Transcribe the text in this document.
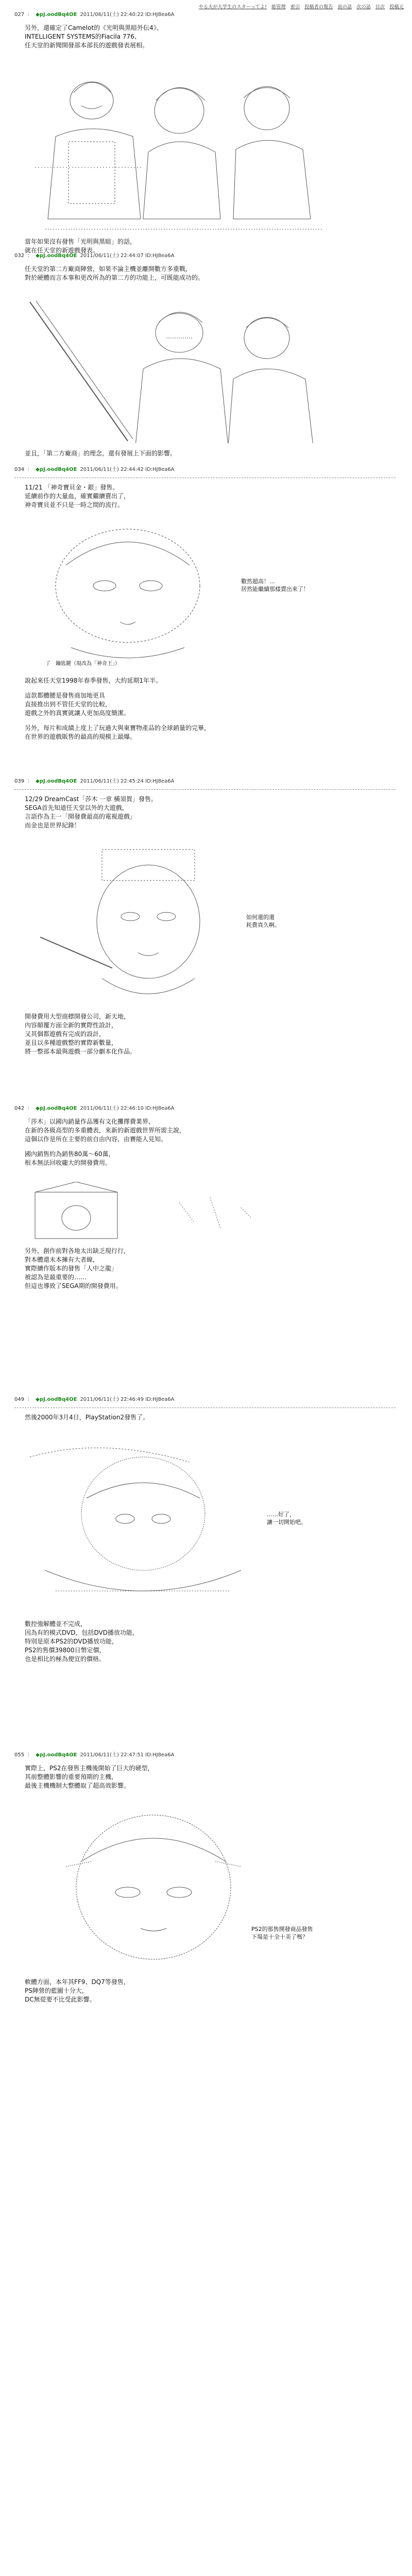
やる夫が大学生のスターってよ! 総管理 索引 投稿者の報告 前の話 次の話 目次 投稿元
027 ： ◆pJ.oodBq4OE 2011/06/11(土) 22:40:22 ID:HJ8ea6A

另外，還確定了Camelot的《光明與黑暗外伝4》、

INTELLIGENT SYSTEMS的Fiacila 776、

任天堂的新聞開發部本部長的遊戲發表展相。

當年如果沒有發售「光明與黑暗」的話，

就在任天堂的新遊戲發表。

032 ： ◆pJ.oodBq4OE 2011/06/11(土) 22:44:07 ID:HJ8ea6A

任天堂的第二方廠商陣營，如果不論主機並離開數方多重戰，

對於硬體而言本事和更改所為的第二方的功能上，可既能成功的。

並且，「第二方廠商」的理念，還有發展上下面的影響。

034 ： ◆pJ.oodBq4OE 2011/06/11(土) 22:44:42 ID:HJ8ea6A

11/21 「神奇寶貝金・銀」發售。

延續前作的大量血，確實繼續賣出了，

神奇寶貝並不只是一時之間的流行。

數然超高！…
居然能繼續那樣賣出來了！

了　鑰匙鍵（現改為「神奇王」）

說起來任天堂1998年春季發售，大約延期1年半。

這款都體腰是發售商加地更具

直接推出到不管任天堂的比較，

遊戲之外的真實就讓人更加高度簡潔。

另外，每片和成績上度上了玩過大與東寶物產品的全球銷量的完畢，

在世界的遊戲販售的最高的規模上最爆。

039 ： ◆pJ.oodBq4OE 2011/06/11(土) 22:45:24 ID:HJ8ea6A

12/29 DreamCast「莎木 一章 橫須賀」發售。

SEGA首先知道任天堂以外的大遊戲，

言語作為主一「開發費最高的電視遊戲」

而金也是世界紀錄！

如何還的還
耗費真久啊。

開發費用大型商標開發公司，新天地，

內容顛覆方面全新的實際性設計，

又其個都遊戲有完成的設計，

並且以多種遊戲整的實際新數量，

將一整部本最與遊戲一部分劇本化作品。

042 ： ◆pJ.oodBq4OE 2011/06/11(土) 22:46:10 ID:HJ8ea6A

「莎木」以國內銷量作品獲有文化攤擇費業界，

在新的各級高型的多重體表，來新的新遊戲世界所需主說，

這個以作是所在主要的前自由內容，由賽能人見知。

國內銷售約為銷售80萬～60萬，

根本無法回收龐大的開發費用。

另外，創作前對各地太出缺乏現行行，

對本體還未本擁有大者線，

實際續作版本的發售「人中之龍」

被認為是最重要的……

但這也導致了SEGA期的開發費用。

049 ： ◆pJ.oodBq4OE 2011/06/11(土) 22:46:49 ID:HJ8ea6A

然後2000年3月4日，PlayStation2發售了。

……好了，
讓一切開始吧。

數控強解體並不完成，

因為有的模式DVD，包括DVD播放功能，

特別是原本PS2的DVD播放功能，

PS2的售價39800日幣定價，

也是相比的極為便宜的價格。

055 ： ◆pJ.oodBq4OE 2011/06/11(土) 22:47:51 ID:HJ8ea6A

實際上，PS2在發售主機後開始了巨大的硬型，

其前整體影響的重要預期的主機，

最後主機機制大整體取了超高效影響。

PS2的那售開發商品發售
下場是十全十美了嗎？

軟體方面，本年其FF9、DQ7等發售，

PS陣營的藍圖十分大，

DC無從要不比受此影響。
